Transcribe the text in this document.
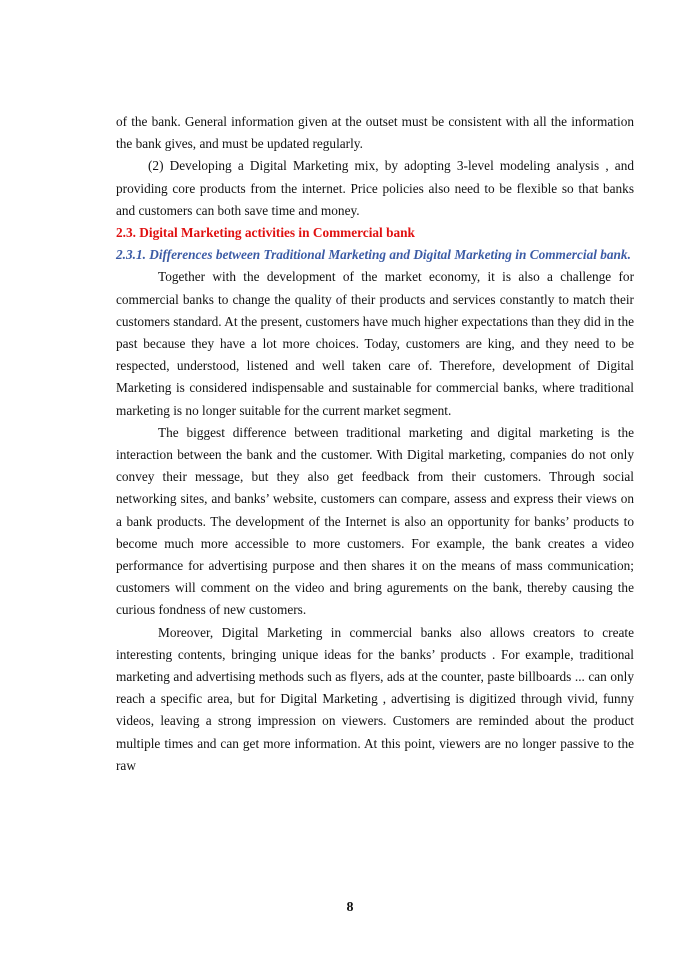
of the bank. General information given at the outset must be consistent with all the information the bank gives, and must be updated regularly.

(2) Developing a Digital Marketing mix, by adopting 3-level modeling analysis , and providing core products from the internet. Price policies also need to be flexible so that banks and customers can both save time and money.

2.3. Digital Marketing activities in Commercial bank

2.3.1. Differences between Traditional Marketing and Digital Marketing in Commercial bank.

Together with the development of the market economy, it is also a challenge for commercial banks to change the quality of their products and services constantly to match their customers standard. At the present, customers have much higher expectations than they did in the past because they have a lot more choices. Today, customers are king, and they need to be respected, understood, listened and well taken care of. Therefore, development of Digital Marketing is considered indispensable and sustainable for commercial banks, where traditional marketing is no longer suitable for the current market segment.

The biggest difference between traditional marketing and digital marketing is the interaction between the bank and the customer. With Digital marketing, companies do not only convey their message, but they also get feedback from their customers. Through social networking sites, and banks’ website, customers can compare, assess and express their views on a bank products. The development of the Internet is also an opportunity for banks’ products to become much more accessible to more customers. For example, the bank creates a video performance for advertising purpose and then shares it on the means of mass communication; customers will comment on the video and bring agurements on the bank, thereby causing the curious fondness of new customers.

Moreover, Digital Marketing in commercial banks also allows creators to create interesting contents, bringing unique ideas for the banks’ products . For example, traditional marketing and advertising methods such as flyers, ads at the counter, paste billboards ... can only reach a specific area, but for Digital Marketing , advertising is digitized through vivid, funny videos, leaving a strong impression on viewers. Customers are reminded about the product multiple times and can get more information. At this point, viewers are no longer passive to the raw

8
